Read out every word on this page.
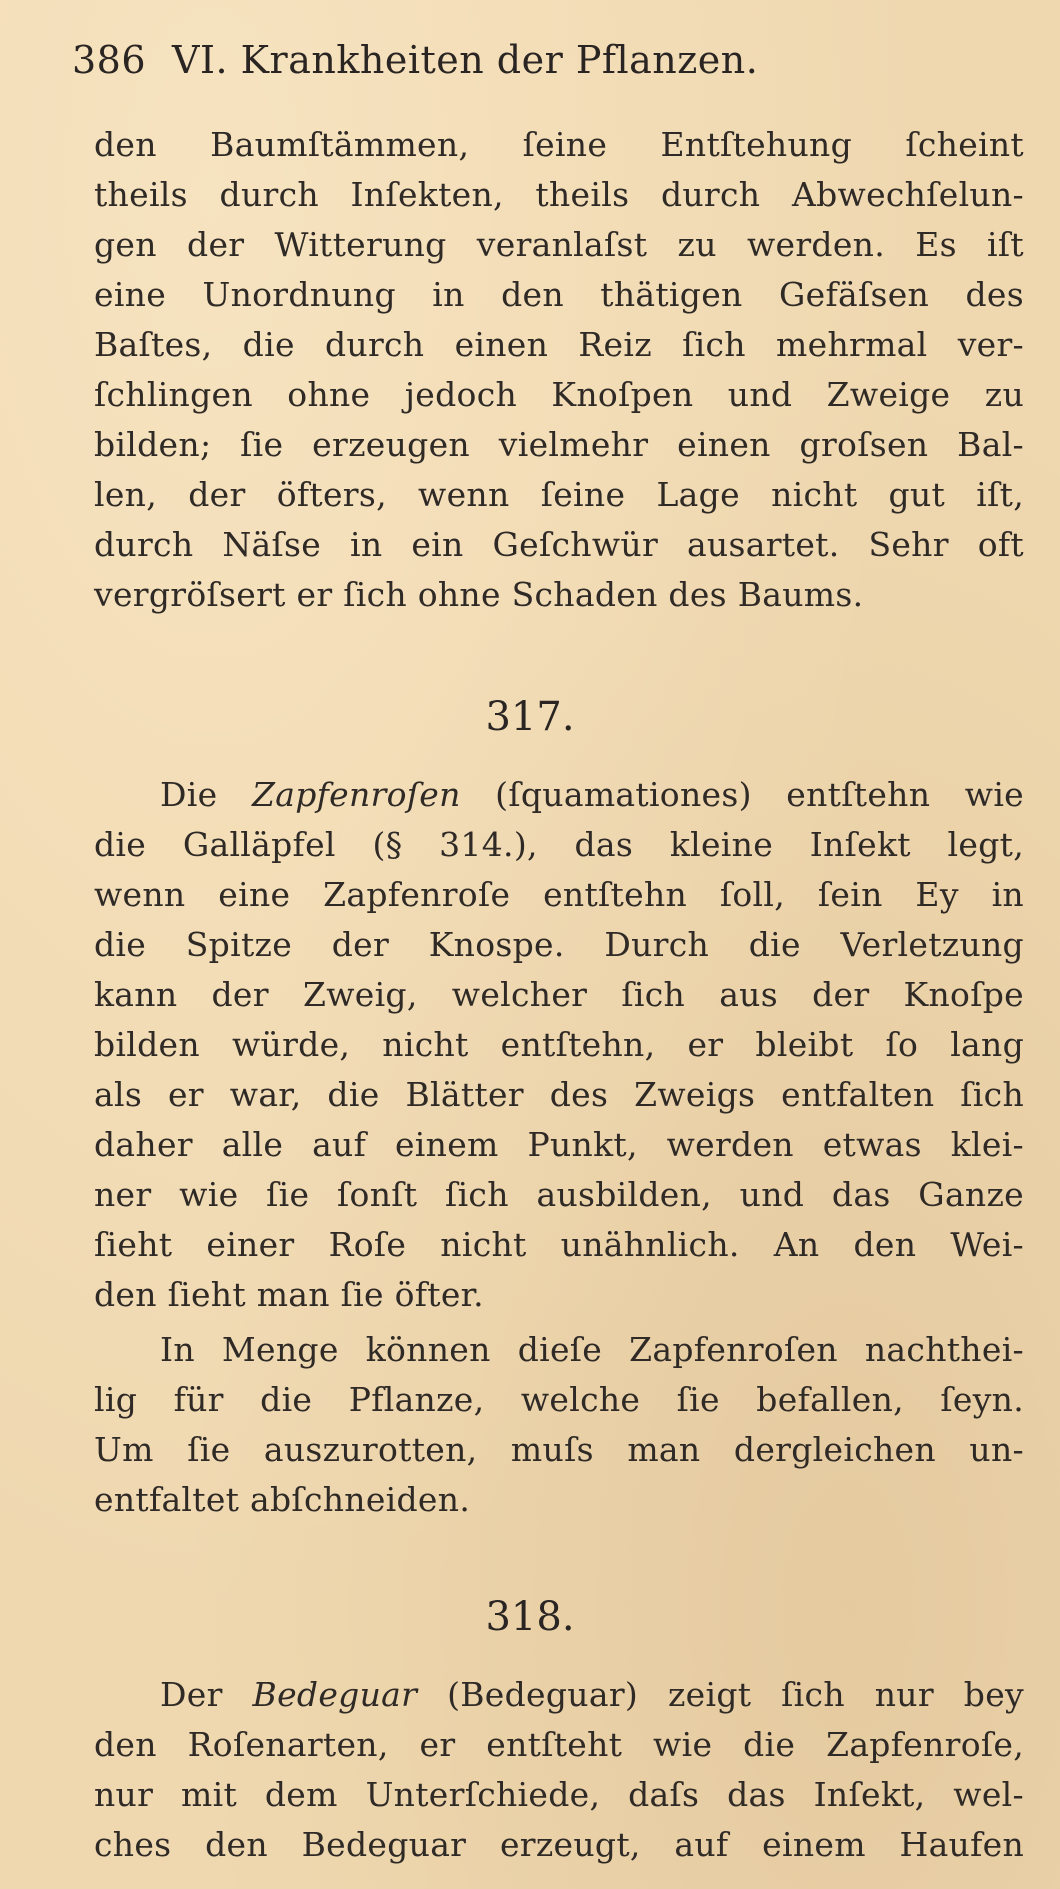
386 VI. Krankheiten der Pflanzen.
den Baumſtämmen, ſeine Entſtehung ſcheint
theils durch Inſekten, theils durch Abwechſelun-
gen der Witterung veranlaſst zu werden. Es iſt
eine Unordnung in den thätigen Gefäſsen des
Baſtes, die durch einen Reiz ſich mehrmal ver-
ſchlingen ohne jedoch Knoſpen und Zweige zu
bilden; ſie erzeugen vielmehr einen groſsen Bal-
len, der öfters, wenn ſeine Lage nicht gut iſt,
durch Näſse in ein Geſchwür ausartet. Sehr oft
vergröſsert er ſich ohne Schaden des Baums.
317.
Die Zapfenroſen (ſquamationes) entſtehn wie
die Galläpfel (§ 314.), das kleine Inſekt legt,
wenn eine Zapfenroſe entſtehn ſoll, ſein Ey in
die Spitze der Knospe. Durch die Verletzung
kann der Zweig, welcher ſich aus der Knoſpe
bilden würde, nicht entſtehn, er bleibt ſo lang
als er war, die Blätter des Zweigs entfalten ſich
daher alle auf einem Punkt, werden etwas klei-
ner wie ſie ſonſt ſich ausbilden, und das Ganze
ſieht einer Roſe nicht unähnlich. An den Wei-
den ſieht man ſie öfter.
In Menge können dieſe Zapfenroſen nachthei-
lig für die Pflanze, welche ſie befallen, ſeyn.
Um ſie auszurotten, muſs man dergleichen un-
entfaltet abſchneiden.
318.
Der Bedeguar (Bedeguar) zeigt ſich nur bey
den Roſenarten, er entſteht wie die Zapfenroſe,
nur mit dem Unterſchiede, daſs das Inſekt, wel-
ches den Bedeguar erzeugt, auf einem Haufen
